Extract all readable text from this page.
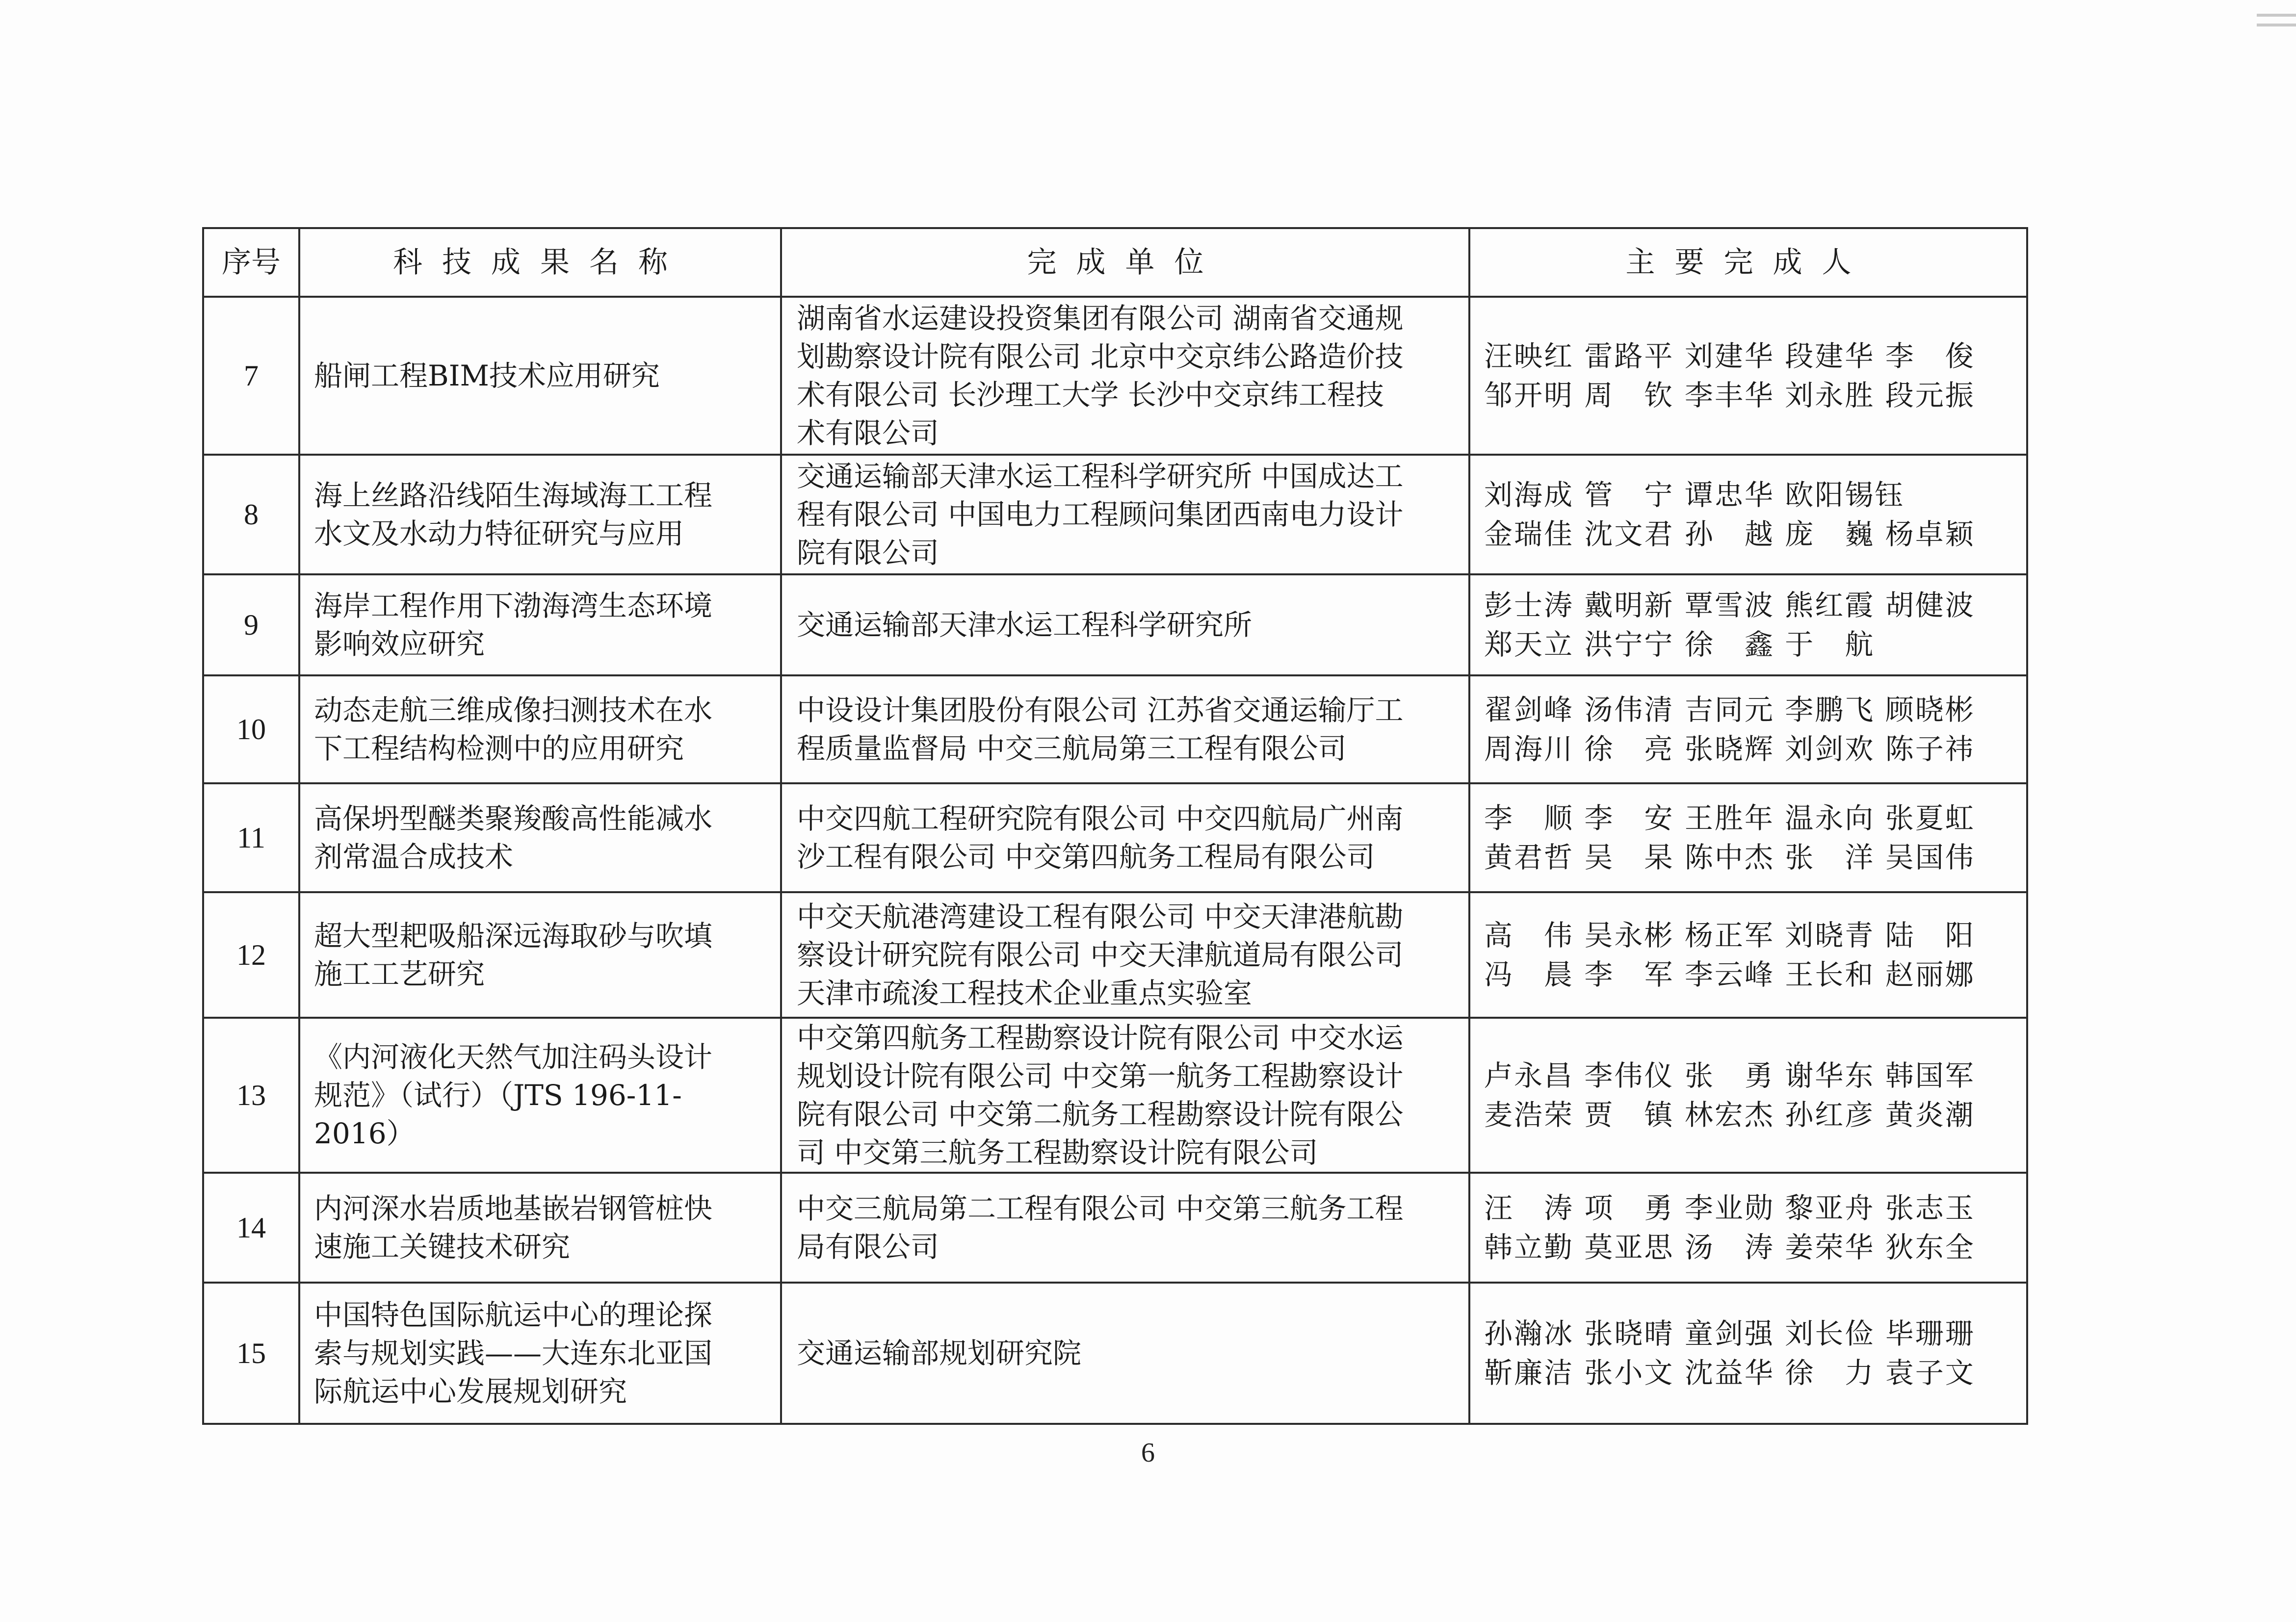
序号	科技成果名称	完成单位	主要完成人
7	船闸工程BIM技术应用研究	湖南省水运建设投资集团有限公司 湖南省交通规
划勘察设计院有限公司 北京中交京纬公路造价技
术有限公司 长沙理工大学 长沙中交京纬工程技
术有限公司	汪映红 雷路平 刘建华 段建华 李　俊
邹开明 周　钦 李丰华 刘永胜 段元振

8	海上丝路沿线陌生海域海工工程
水文及水动力特征研究与应用	交通运输部天津水运工程科学研究所 中国成达工
程有限公司 中国电力工程顾问集团西南电力设计
院有限公司	刘海成 管　宁 谭忠华 欧阳锡钰
金瑞佳 沈文君 孙　越 庞　巍 杨卓颖

9	海岸工程作用下渤海湾生态环境
影响效应研究	交通运输部天津水运工程科学研究所	彭士涛 戴明新 覃雪波 熊红霞 胡健波
郑天立 洪宁宁 徐　鑫 于　航

10	动态走航三维成像扫测技术在水
下工程结构检测中的应用研究	中设设计集团股份有限公司 江苏省交通运输厅工
程质量监督局 中交三航局第三工程有限公司	翟剑峰 汤伟清 吉同元 李鹏飞 顾晓彬
周海川 徐　亮 张晓辉 刘剑欢 陈子祎

11	高保坍型醚类聚羧酸高性能减水
剂常温合成技术	中交四航工程研究院有限公司 中交四航局广州南
沙工程有限公司 中交第四航务工程局有限公司	李　顺 李　安 王胜年 温永向 张夏虹
黄君哲 吴　杲 陈中杰 张　洋 吴国伟

12	超大型耙吸船深远海取砂与吹填
施工工艺研究	中交天航港湾建设工程有限公司 中交天津港航勘
察设计研究院有限公司 中交天津航道局有限公司
天津市疏浚工程技术企业重点实验室	高　伟 吴永彬 杨正军 刘晓青 陆　阳
冯　晨 李　军 李云峰 王长和 赵丽娜

13	《内河液化天然气加注码头设计
规范》（试行）（JTS 196-11-
2016）	中交第四航务工程勘察设计院有限公司 中交水运
规划设计院有限公司 中交第一航务工程勘察设计
院有限公司 中交第二航务工程勘察设计院有限公
司 中交第三航务工程勘察设计院有限公司	卢永昌 李伟仪 张　勇 谢华东 韩国军
麦浩荣 贾　镇 林宏杰 孙红彦 黄炎潮

14	内河深水岩质地基嵌岩钢管桩快
速施工关键技术研究	中交三航局第二工程有限公司 中交第三航务工程
局有限公司	汪　涛 项　勇 李业勋 黎亚舟 张志玉
韩立勤 莫亚思 汤　涛 姜荣华 狄东全

15	中国特色国际航运中心的理论探
索与规划实践——大连东北亚国
际航运中心发展规划研究	交通运输部规划研究院	孙瀚冰 张晓晴 童剑强 刘长俭 毕珊珊
靳廉洁 张小文 沈益华 徐　力 袁子文
6
